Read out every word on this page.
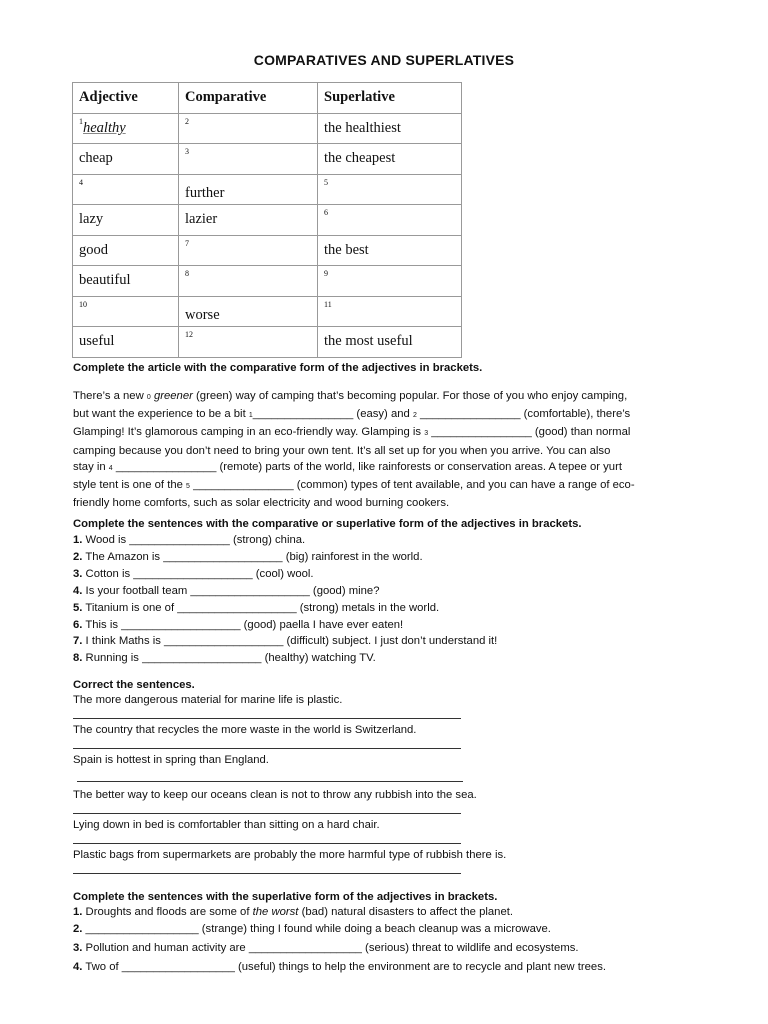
COMPARATIVES AND SUPERLATIVES
Adjective	Comparative	Superlative
$^1$healthy	2	the healthiest
cheap	3	the cheapest

4	further	5

lazy	lazier	6

good	7	the best
beautiful	8	9

10	worse	11

useful	12	the most useful
Complete the article with the comparative form of the adjectives in brackets.
There’s a new 0 greener (green) way of camping that’s becoming popular. For those of you who enjoy camping,
but want the experience to be a bit 1________________ (easy) and 2 ________________ (comfortable), there’s
Glamping! It’s glamorous camping in an eco-friendly way. Glamping is 3 ________________ (good) than normal
camping because you don’t need to bring your own tent. It’s all set up for you when you arrive. You can also
stay in 4 ________________ (remote) parts of the world, like rainforests or conservation areas. A tepee or yurt
style tent is one of the 5 ________________ (common) types of tent available, and you can have a range of eco-
friendly home comforts, such as solar electricity and wood burning cookers.
Complete the sentences with the comparative or superlative form of the adjectives in brackets.
1. Wood is ________________ (strong) china.
2. The Amazon is ___________________ (big) rainforest in the world.
3. Cotton is ___________________ (cool) wool.
4. Is your football team ___________________ (good) mine?
5. Titanium is one of ___________________ (strong) metals in the world.
6. This is ___________________ (good) paella I have ever eaten!
7. I think Maths is ___________________ (difficult) subject. I just don’t understand it!
8. Running is ___________________ (healthy) watching TV.
Correct the sentences.
The more dangerous material for marine life is plastic.
The country that recycles the more waste in the world is Switzerland.
Spain is hottest in spring than England.
The better way to keep our oceans clean is not to throw any rubbish into the sea.
Lying down in bed is comfortabler than sitting on a hard chair.
Plastic bags from supermarkets are probably the more harmful type of rubbish there is.
Complete the sentences with the superlative form of the adjectives in brackets.
1. Droughts and floods are some of the worst (bad) natural disasters to affect the planet.
2. __________________ (strange) thing I found while doing a beach cleanup was a microwave.
3. Pollution and human activity are __________________ (serious) threat to wildlife and ecosystems.
4. Two of __________________ (useful) things to help the environment are to recycle and plant new trees.
